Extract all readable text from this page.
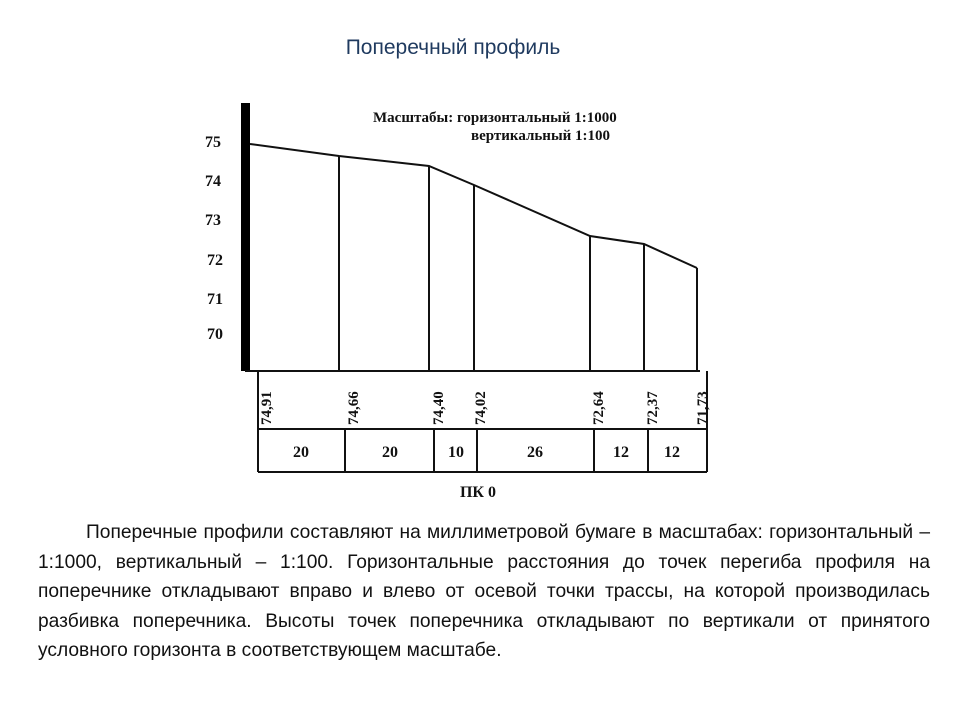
Поперечный профиль
Масштабы: горизонтальный 1:1000
вертикальный 1:100
75
74
73
72
71
70
74,91	74,66	74,40 74,02	72,64	72,37 71,73
20	20	10	26	12 12
ПК 0
Поперечные профили составляют на миллиметровой бумаге в масштабах: горизонтальный – 1:1000, вертикальный – 1:100. Горизонтальные расстояния до точек перегиба профиля на поперечнике откладывают вправо и влево от осевой точки трассы, на которой производилась разбивка поперечника. Высоты точек поперечника откладывают по вертикали от принятого условного горизонта в соответствующем масштабе.
